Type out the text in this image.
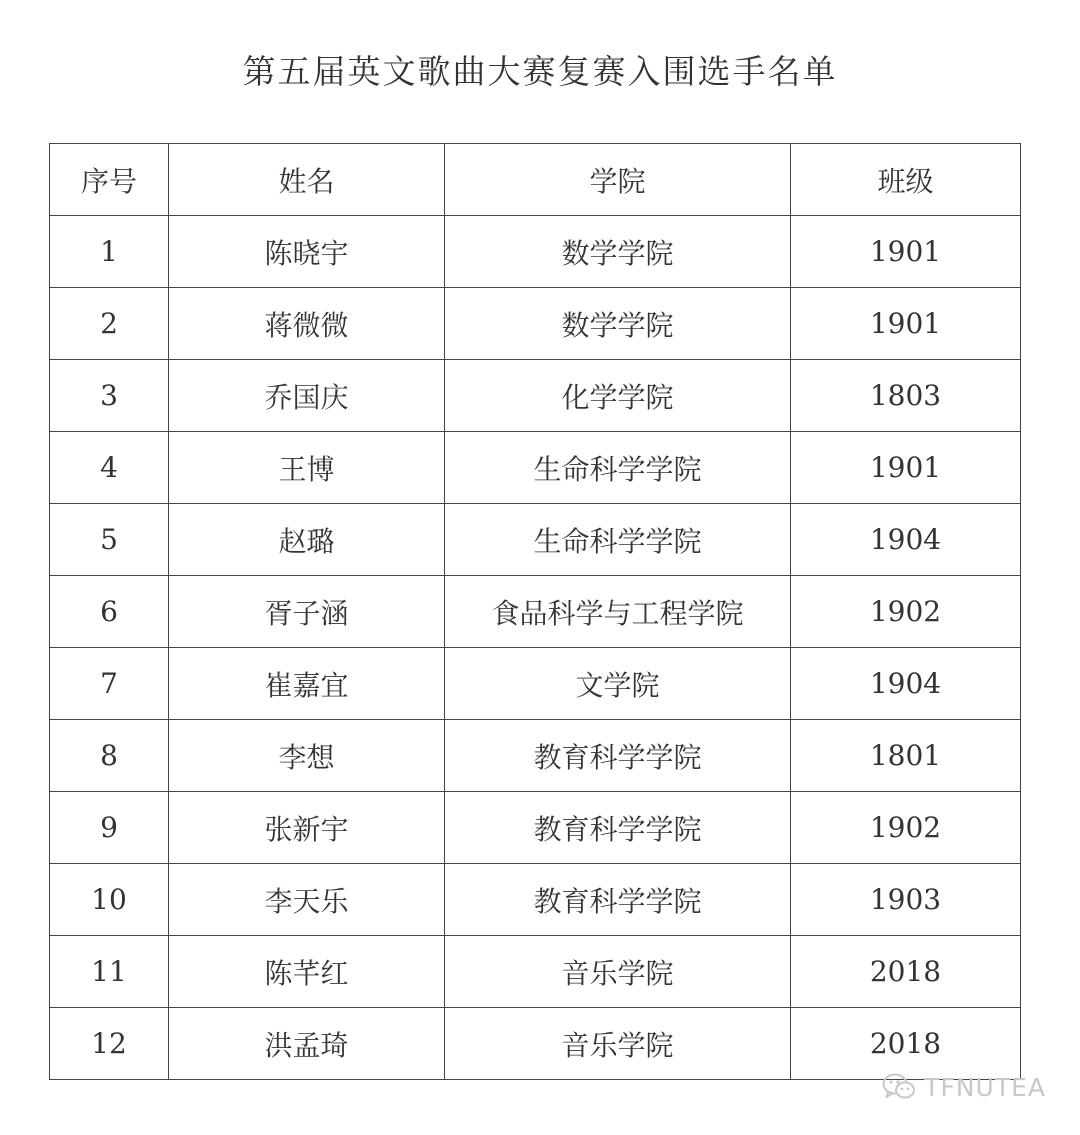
第五届英文歌曲大赛复赛入围选手名单
序号	姓名	学院	班级
1	陈晓宇	数学学院	1901
2	蒋微微	数学学院	1901
3	乔国庆	化学学院	1803
4	王博	生命科学学院	1901
5	赵璐	生命科学学院	1904
6	胥子涵	食品科学与工程学院	1902
7	崔嘉宜	文学院	1904
8	李想	教育科学学院	1801
9	张新宇	教育科学学院	1902
10	李天乐	教育科学学院	1903
11	陈芊红	音乐学院	2018
12	洪孟琦	音乐学院	2018
TFNUTEA
